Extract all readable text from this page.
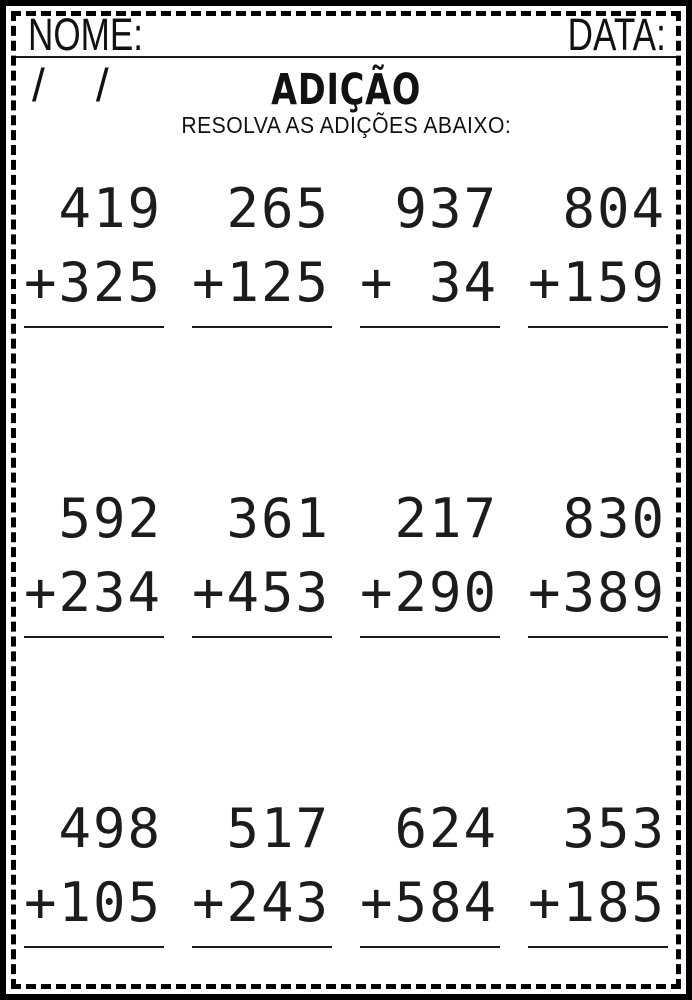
NOME:	DATA:
/    /	ADIÇÃO
RESOLVA AS ADIÇÕES ABAIXO:
419
+325
265
+125
937
+ 34
804
+159
592
+234
361
+453
217
+290
830
+389
498
+105
517
+243
624
+584
353
+185
